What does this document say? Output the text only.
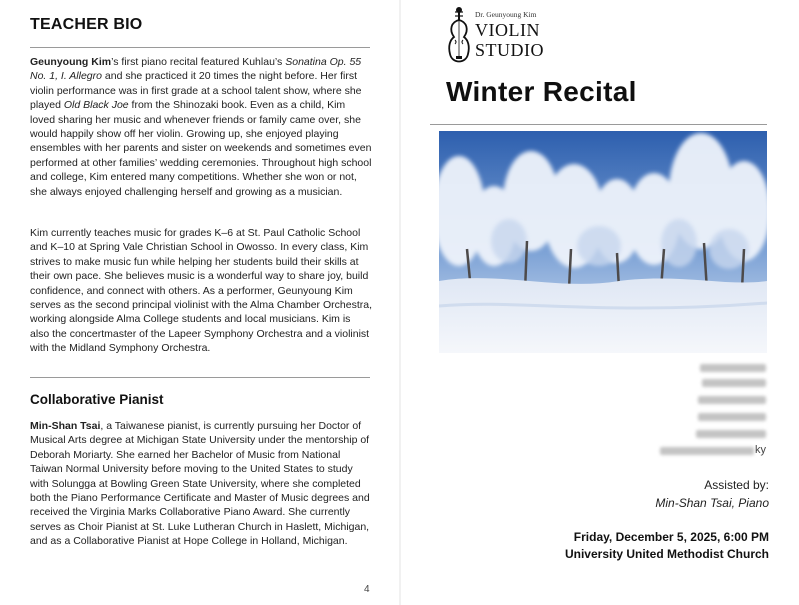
TEACHER BIO

Geunyoung Kim’s first piano recital featured Kuhlau’s Sonatina Op. 55 No. 1, I. Allegro and she practiced it 20 times the night before. Her first violin performance was in first grade at a school talent show, where she played Old Black Joe from the Shinozaki book. Even as a child, Kim loved sharing her music and whenever friends or family came over, she would happily show off her violin. Growing up, she enjoyed playing ensembles with her parents and sister on weekends and sometimes even performed at other families’ wedding ceremonies. Throughout high school and college, Kim entered many competitions. Whether she won or not, she always enjoyed challenging herself and growing as a musician.

Kim currently teaches music for grades K–6 at St. Paul Catholic School and K–10 at Spring Vale Christian School in Owosso. In every class, Kim strives to make music fun while helping her students build their skills at their own pace. She believes music is a wonderful way to share joy, build confidence, and connect with others. As a performer, Geunyoung Kim serves as the second principal violinist with the Alma Chamber Orchestra, working alongside Alma College students and local musicians. Kim is also the concertmaster of the Lapeer Symphony Orchestra and a violinist with the Midland Symphony Orchestra.

Collaborative Pianist

Min-Shan Tsai, a Taiwanese pianist, is currently pursuing her Doctor of Musical Arts degree at Michigan State University under the mentorship of Deborah Moriarty. She earned her Bachelor of Music from National Taiwan Normal University before moving to the United States to study with Solungga at Bowling Green State University, where she completed both the Piano Performance Certificate and Master of Music degrees and received the Virginia Marks Collaborative Piano Award. She currently serves as Choir Pianist at St. Luke Lutheran Church in Haslett, Michigan, and as a Collaborative Pianist at Hope College in Holland, Michigan.

4
Dr. Geunyoung Kim
VIOLIN
STUDIO
Winter Recital
ky
Assisted by:
Min-Shan Tsai, Piano
Friday, December 5, 2025, 6:00 PM
University United Methodist Church
